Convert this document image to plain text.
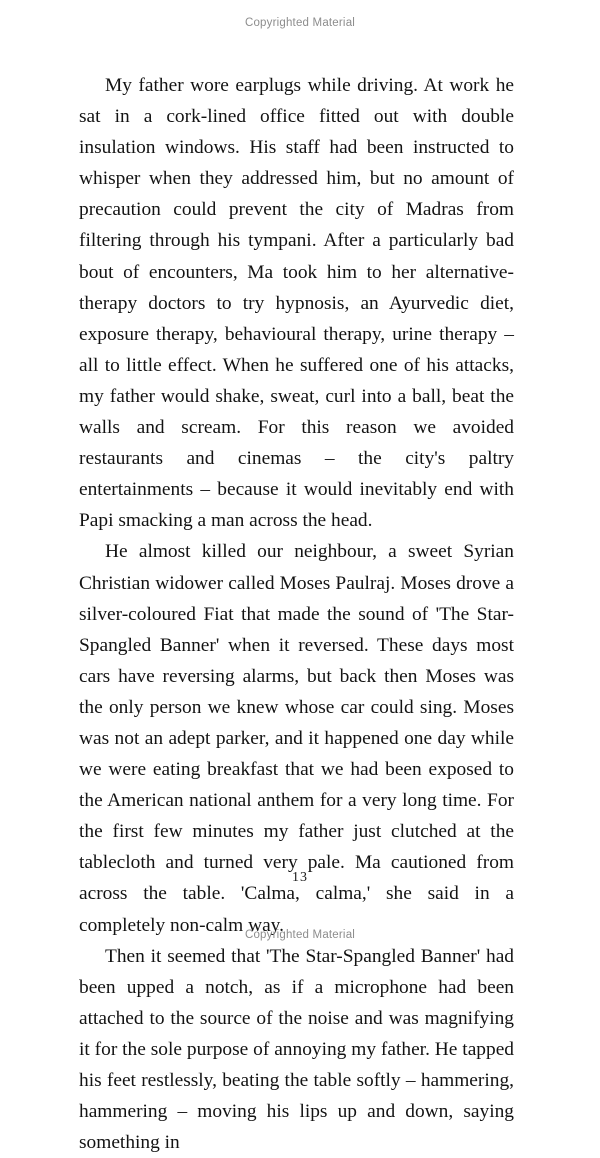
Copyrighted Material

My father wore earplugs while driving. At work he sat in a cork-lined office fitted out with double insulation windows. His staff had been instructed to whisper when they addressed him, but no amount of precaution could prevent the city of Madras from filtering through his tympani. After a particularly bad bout of encounters, Ma took him to her alternative-therapy doctors to try hypnosis, an Ayurvedic diet, exposure therapy, behavioural therapy, urine therapy – all to little effect. When he suffered one of his attacks, my father would shake, sweat, curl into a ball, beat the walls and scream. For this reason we avoided restaurants and cinemas – the city's paltry entertainments – because it would inevitably end with Papi smacking a man across the head.

He almost killed our neighbour, a sweet Syrian Christian widower called Moses Paulraj. Moses drove a silver-coloured Fiat that made the sound of 'The Star-Spangled Banner' when it reversed. These days most cars have reversing alarms, but back then Moses was the only person we knew whose car could sing. Moses was not an adept parker, and it happened one day while we were eating breakfast that we had been exposed to the American national anthem for a very long time. For the first few minutes my father just clutched at the tablecloth and turned very pale. Ma cautioned from across the table. 'Calma, calma,' she said in a completely non-calm way.

Then it seemed that 'The Star-Spangled Banner' had been upped a notch, as if a microphone had been attached to the source of the noise and was magnifying it for the sole purpose of annoying my father. He tapped his feet restlessly, beating the table softly – hammering, hammering – moving his lips up and down, saying something in

13
Copyrighted Material
